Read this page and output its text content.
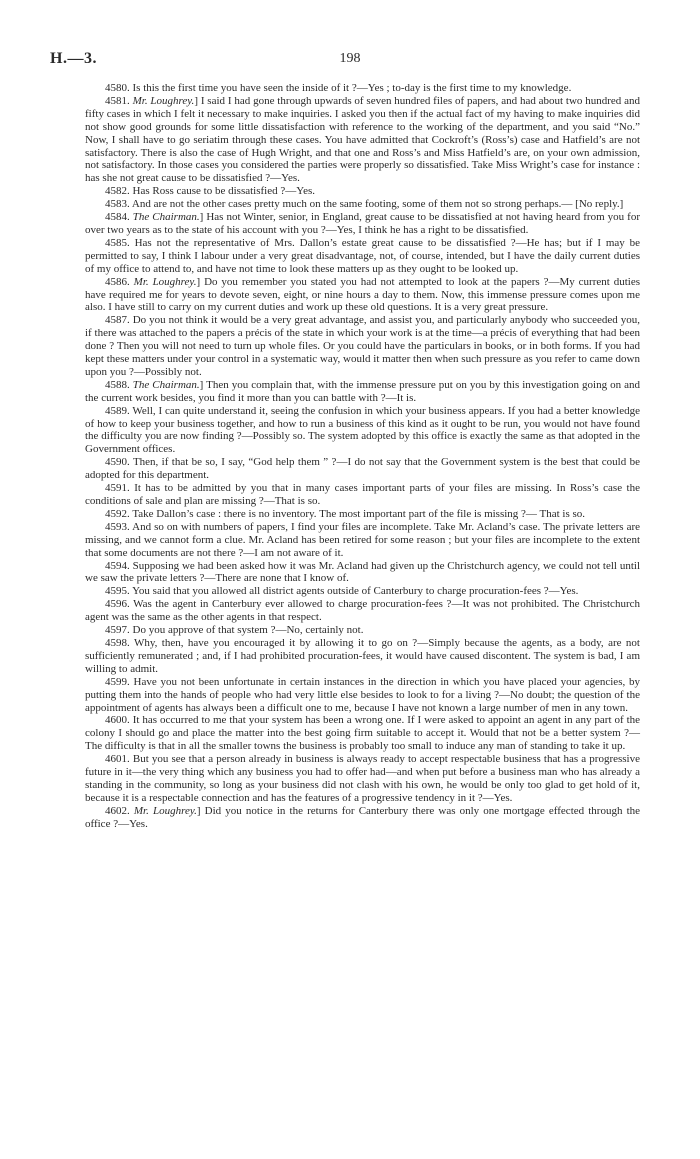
H.—3.	198

4580. Is this the first time you have seen the inside of it ?—Yes ; to-day is the first time to my knowledge.

4581. Mr. Loughrey.] I said I had gone through upwards of seven hundred files of papers, and had about two hundred and fifty cases in which I felt it necessary to make inquiries. I asked you then if the actual fact of my having to make inquiries did not show good grounds for some little dissatisfaction with reference to the working of the department, and you said “No.” Now, I shall have to go seriatim through these cases. You have admitted that Cockroft’s (Ross’s) case and Hatfield’s are not satisfactory. There is also the case of Hugh Wright, and that one and Ross’s and Miss Hatfield’s are, on your own admission, not satisfactory. In those cases you considered the parties were properly so dissatisfied. Take Miss Wright’s case for instance : has she not great cause to be dissatisfied ?—Yes.

4582. Has Ross cause to be dissatisfied ?—Yes.

4583. And are not the other cases pretty much on the same footing, some of them not so strong perhaps.— [No reply.]

4584. The Chairman.] Has not Winter, senior, in England, great cause to be dissatisfied at not having heard from you for over two years as to the state of his account with you ?—Yes, I think he has a right to be dissatisfied.

4585. Has not the representative of Mrs. Dallon’s estate great cause to be dissatisfied ?—He has; but if I may be permitted to say, I think I labour under a very great disadvantage, not, of course, intended, but I have the daily current duties of my office to attend to, and have not time to look these matters up as they ought to be looked up.

4586. Mr. Loughrey.] Do you remember you stated you had not attempted to look at the papers ?—My current duties have required me for years to devote seven, eight, or nine hours a day to them. Now, this immense pressure comes upon me also. I have still to carry on my current duties and work up these old questions. It is a very great pressure.

4587. Do you not think it would be a very great advantage, and assist you, and particularly anybody who succeeded you, if there was attached to the papers a précis of the state in which your work is at the time—a précis of everything that had been done ? Then you will not need to turn up whole files. Or you could have the particulars in books, or in both forms. If you had kept these matters under your control in a systematic way, would it matter then when such pressure as you refer to came down upon you ?—Possibly not.

4588. The Chairman.] Then you complain that, with the immense pressure put on you by this investigation going on and the current work besides, you find it more than you can battle with ?—It is.

4589. Well, I can quite understand it, seeing the confusion in which your business appears. If you had a better knowledge of how to keep your business together, and how to run a business of this kind as it ought to be run, you would not have found the difficulty you are now finding ?—Possibly so. The system adopted by this office is exactly the same as that adopted in the Government offices.

4590. Then, if that be so, I say, “God help them ” ?—I do not say that the Government system is the best that could be adopted for this department.

4591. It has to be admitted by you that in many cases important parts of your files are missing. In Ross’s case the conditions of sale and plan are missing ?—That is so.

4592. Take Dallon’s case : there is no inventory. The most important part of the file is missing ?— That is so.

4593. And so on with numbers of papers, I find your files are incomplete. Take Mr. Acland’s case. The private letters are missing, and we cannot form a clue. Mr. Acland has been retired for some reason ; but your files are incomplete to the extent that some documents are not there ?—I am not aware of it.

4594. Supposing we had been asked how it was Mr. Acland had given up the Christchurch agency, we could not tell until we saw the private letters ?—There are none that I know of.

4595. You said that you allowed all district agents outside of Canterbury to charge procuration-fees ?—Yes.

4596. Was the agent in Canterbury ever allowed to charge procuration-fees ?—It was not prohibited. The Christchurch agent was the same as the other agents in that respect.

4597. Do you approve of that system ?—No, certainly not.

4598. Why, then, have you encouraged it by allowing it to go on ?—Simply because the agents, as a body, are not sufficiently remunerated ; and, if I had prohibited procuration-fees, it would have caused discontent. The system is bad, I am willing to admit.

4599. Have you not been unfortunate in certain instances in the direction in which you have placed your agencies, by putting them into the hands of people who had very little else besides to look to for a living ?—No doubt; the question of the appointment of agents has always been a difficult one to me, because I have not known a large number of men in any town.

4600. It has occurred to me that your system has been a wrong one. If I were asked to appoint an agent in any part of the colony I should go and place the matter into the best going firm suitable to accept it. Would that not be a better system ?—The difficulty is that in all the smaller towns the business is probably too small to induce any man of standing to take it up.

4601. But you see that a person already in business is always ready to accept respectable business that has a progressive future in it—the very thing which any business you had to offer had—and when put before a business man who has already a standing in the community, so long as your business did not clash with his own, he would be only too glad to get hold of it, because it is a respectable connection and has the features of a progressive tendency in it ?—Yes.

4602. Mr. Loughrey.] Did you notice in the returns for Canterbury there was only one mortgage effected through the office ?—Yes.
